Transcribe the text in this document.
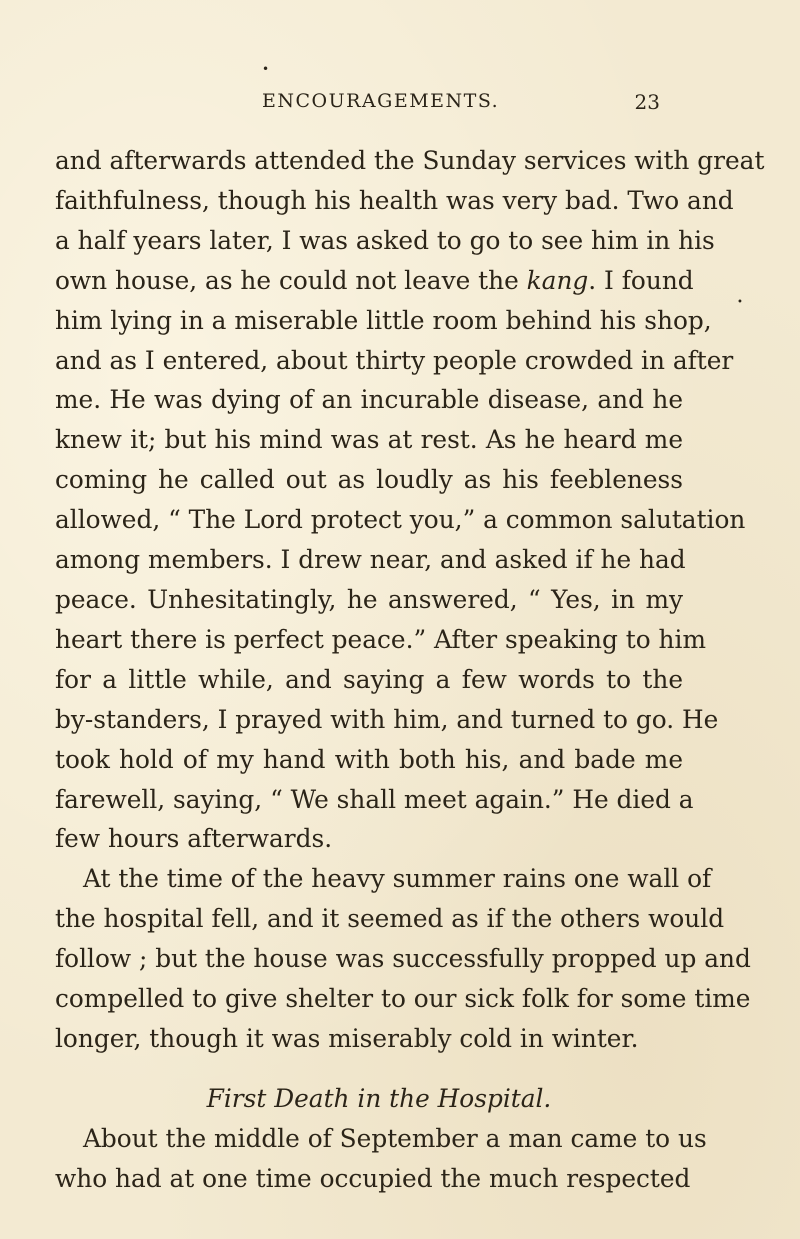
•
ENCOURAGEMENTS.	23
•
and afterwards attended the Sunday services with great
faithfulness, though his health was very bad. Two and
a half years later, I was asked to go to see him in his
own house, as he could not leave the kang. I found
him lying in a miserable little room behind his shop,
and as I entered, about thirty people crowded in after
me. He was dying of an incurable disease, and he
knew it; but his mind was at rest. As he heard me
coming he called out as loudly as his feebleness
allowed, “ The Lord protect you,” a common salutation
among members. I drew near, and asked if he had
peace. Unhesitatingly, he answered, “ Yes, in my
heart there is perfect peace.” After speaking to him
for a little while, and saying a few words to the
by-standers, I prayed with him, and turned to go. He
took hold of my hand with both his, and bade me
farewell, saying, “ We shall meet again.” He died a
few hours afterwards.
At the time of the heavy summer rains one wall of
the hospital fell, and it seemed as if the others would
follow ; but the house was successfully propped up and
compelled to give shelter to our sick folk for some time
longer, though it was miserably cold in winter.
First Death in the Hospital.
About the middle of September a man came to us
who had at one time occupied the much respected
